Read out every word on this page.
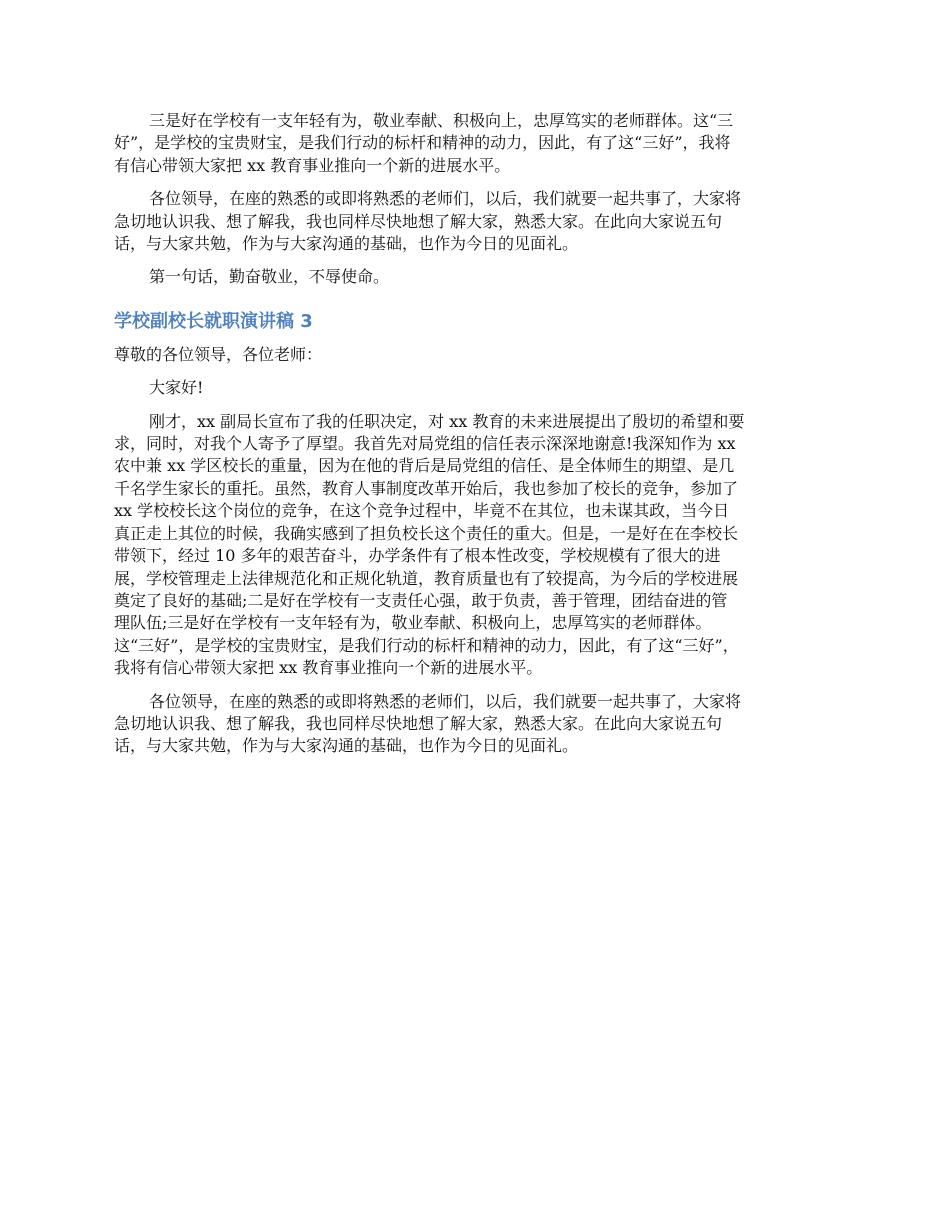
三是好在学校有一支年轻有为，敬业奉献、积极向上，忠厚笃实的老师群体。这“三
好”，是学校的宝贵财宝，是我们行动的标杆和精神的动力，因此，有了这“三好”，我将
有信心带领大家把 xx 教育事业推向一个新的进展水平。

各位领导，在座的熟悉的或即将熟悉的老师们，以后，我们就要一起共事了，大家将
急切地认识我、想了解我，我也同样尽快地想了解大家，熟悉大家。在此向大家说五句
话，与大家共勉，作为与大家沟通的基础，也作为今日的见面礼。

第一句话，勤奋敬业，不辱使命。

学校副校长就职演讲稿 3

尊敬的各位领导，各位老师：

大家好!

刚才，xx 副局长宣布了我的任职决定，对 xx 教育的未来进展提出了殷切的希望和要
求，同时，对我个人寄予了厚望。我首先对局党组的信任表示深深地谢意!我深知作为 xx
农中兼 xx 学区校长的重量，因为在他的背后是局党组的信任、是全体师生的期望、是几
千名学生家长的重托。虽然，教育人事制度改革开始后，我也参加了校长的竞争，参加了
xx 学校校长这个岗位的竞争，在这个竞争过程中，毕竟不在其位，也未谋其政，当今日
真正走上其位的时候，我确实感到了担负校长这个责任的重大。但是，一是好在在李校长
带领下，经过 10 多年的艰苦奋斗，办学条件有了根本性改变，学校规模有了很大的进
展，学校管理走上法律规范化和正规化轨道，教育质量也有了较提高，为今后的学校进展
奠定了良好的基础;二是好在学校有一支责任心强，敢于负责，善于管理，团结奋进的管
理队伍;三是好在学校有一支年轻有为，敬业奉献、积极向上，忠厚笃实的老师群体。
这“三好”，是学校的宝贵财宝，是我们行动的标杆和精神的动力，因此，有了这“三好”，
我将有信心带领大家把 xx 教育事业推向一个新的进展水平。

各位领导，在座的熟悉的或即将熟悉的老师们，以后，我们就要一起共事了，大家将
急切地认识我、想了解我，我也同样尽快地想了解大家，熟悉大家。在此向大家说五句
话，与大家共勉，作为与大家沟通的基础，也作为今日的见面礼。
